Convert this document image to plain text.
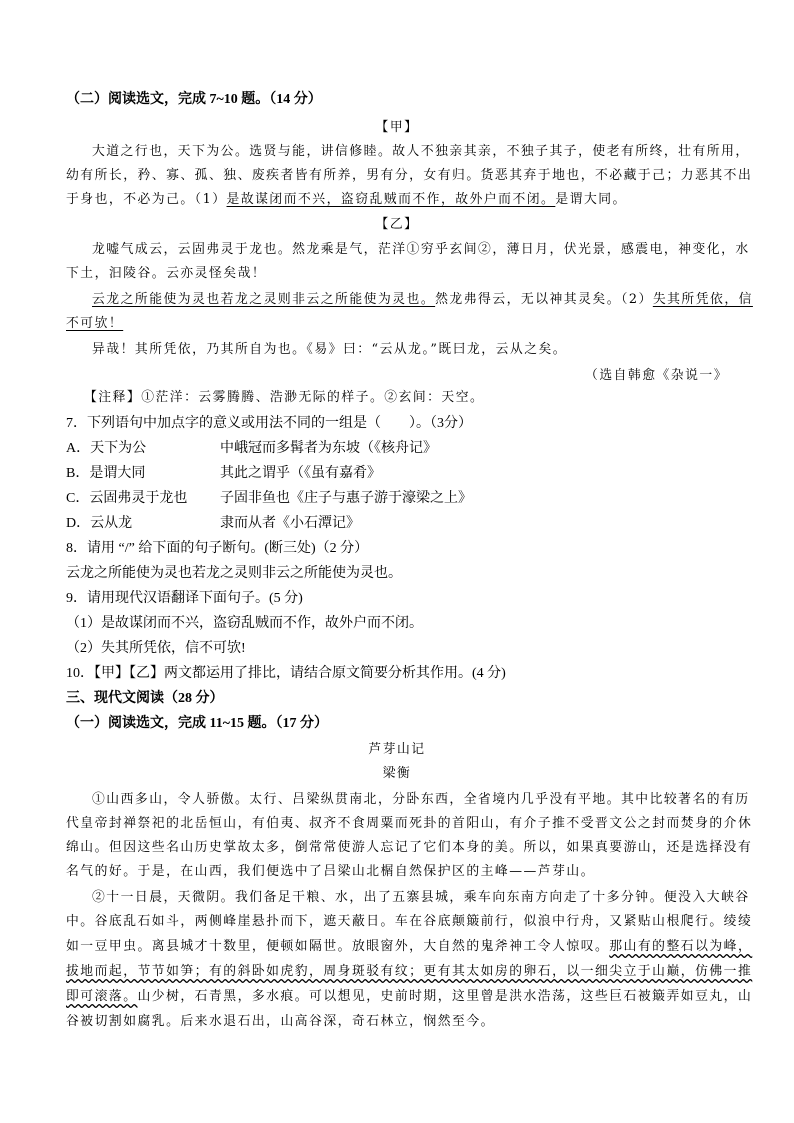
（二）阅读选文，完成 7~10 题。（14 分）
【甲】
大道之行也，天下为公。选贤与能，讲信修睦。故人不独亲其亲，不独子其子，使老有所终，壮有所用，
幼有所长，矜、寡、孤、独、废疾者皆有所养，男有分，女有归。货恶其弃于地也，不必藏于己；力恶其不出
于身也，不必为己。（1）是故谋闭而不兴，盗窃乱贼而不作，故外户而不闭。是谓大同。
【乙】
龙嘘气成云，云固弗灵于龙也。然龙乘是气，茫洋①穷乎玄间②，薄日月，伏光景，感震电，神变化，水
下土，汩陵谷。云亦灵怪矣哉！
云龙之所能使为灵也若龙之灵则非云之所能使为灵也。然龙弗得云，无以神其灵矣。（2）失其所凭依，信
不可欤！
异哉！其所凭依，乃其所自为也。《易》曰：“云从龙。”既曰龙，云从之矣。
（选自韩愈《杂说一》
【注释】①茫洋：云雾腾腾、浩渺无际的样子。②玄间：天空。
7．下列语句中加点字的意义或用法不同的一组是（　　）。（3分）
A．天下为公	中峨冠而多髯者为东坡（《核舟记》
B．是谓大同	其此之谓乎（《虽有嘉肴》
C．云固弗灵于龙也 子固非鱼也《庄子与惠子游于濠梁之上》
D．云从龙	隶而从者《小石潭记》
8．请用 “/” 给下面的句子断句。(断三处)（2 分）
云龙之所能使为灵也若龙之灵则非云之所能使为灵也。
9．请用现代汉语翻译下面句子。(5 分)
（1）是故谋闭而不兴，盗窃乱贼而不作，故外户而不闭。
（2）失其所凭依，信不可欤!
10．【甲】【乙】两文都运用了排比，请结合原文简要分析其作用。(4 分)
三、现代文阅读（28 分）
（一）阅读选文，完成 11~15 题。（17 分）
芦芽山记
梁衡
①山西多山，令人骄傲。太行、吕梁纵贯南北，分卧东西，全省境内几乎没有平地。其中比较著名的有历
代皇帝封禅祭祀的北岳恒山，有伯夷、叔齐不食周粟而死卦的首阳山，有介子推不受晋文公之封而焚身的介休
绵山。但因这些名山历史掌故太多，倒常常使游人忘记了它们本身的美。所以，如果真要游山，还是选择没有
名气的好。于是，在山西，我们便选中了吕梁山北榍自然保护区的主峰——芦芽山。
②十一日晨，天微阴。我们备足干粮、水，出了五寨县城，乘车向东南方向走了十多分钟。便没入大峡谷
中。谷底乱石如斗，两侧峰崖悬扑而下，遮天蔽日。车在谷底颠簸前行，似浪中行舟，又紧贴山根爬行。绫绫
如一豆甲虫。离县城才十数里，便顿如隔世。放眼窗外，大自然的鬼斧神工令人惊叹。那山有的整石以为峰，
拔地而起，节节如笋；有的斜卧如虎豹，周身斑驳有纹；更有其太如房的卵石，以一细尖立于山巅，仿佛一推
即可滚落。山少树，石青黑，多水痕。可以想见，史前时期，这里曾是洪水浩荡，这些巨石被簸弄如豆丸，山
谷被切割如腐乳。后来水退石出，山高谷深，奇石林立，悯然至今。
